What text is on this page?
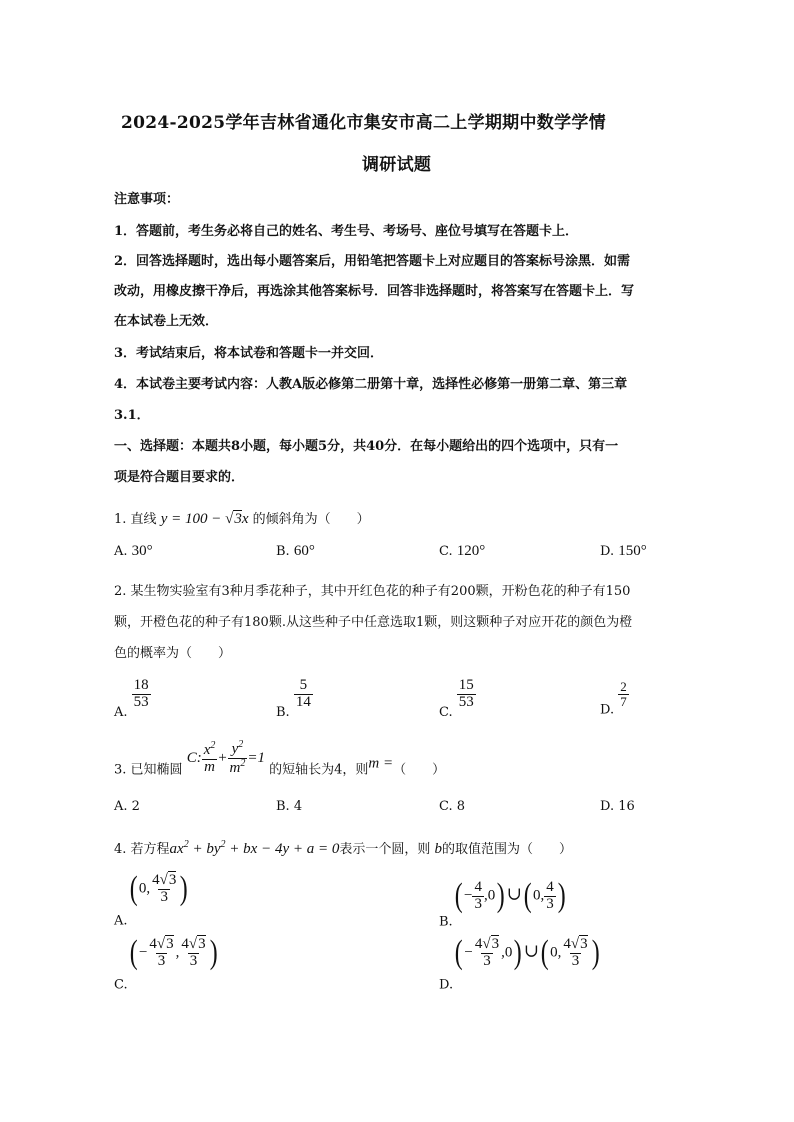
2024-2025学年吉林省通化市集安市高二上学期期中数学学情
调研试题
注意事项：
1．答题前，考生务必将自己的姓名、考生号、考场号、座位号填写在答题卡上．
2．回答选择题时，选出每小题答案后，用铅笔把答题卡上对应题目的答案标号涂黑．如需
改动，用橡皮擦干净后，再选涂其他答案标号．回答非选择题时，将答案写在答题卡上．写
在本试卷上无效．
3．考试结束后，将本试卷和答题卡一并交回．
4．本试卷主要考试内容：人教A版必修第二册第十章，选择性必修第一册第二章、第三章
3.1．
一、选择题：本题共8小题，每小题5分，共40分．在每小题给出的四个选项中，只有一
项是符合题目要求的．
1. 直线 y = 100 − √3x 的倾斜角为（　　）
A. 30°	B. 60°	C. 120°	D. 150°
2. 某生物实验室有3种月季花种子，其中开红色花的种子有200颗，开粉色花的种子有150
颗，开橙色花的种子有180颗.从这些种子中任意选取1颗，则这颗种子对应开花的颜色为橙
色的概率为（　　）
A.
$\frac{18}{53}$
B.
$\frac{5}{14}$
C.
$\frac{15}{53}$	D.
$\frac{2}{7}$
3. 已知椭圆 C: $\frac{x^2}{m} + \frac{y^2}{m^2} =1$ 的短轴长为4，则m =（　　）
A. 2	B. 4	C. 8	D. 16
4. 若方程$ax^2 + by^2$ + bx − 4y + a = 0表示一个圆，则 b的取值范围为（　　）
A.( 0, $\frac{4√3}{3}$ )
$B.( - \frac{4}{3}$ ,0)∪( 0, $\frac{4}{3}$ )
$C.( - \frac{4√3}{3}$ , $\frac{4√3}{3}$ )
$D.( - \frac{4√3}{3}$ ,0)∪( 0, $\frac{4√3}{3}$ )
